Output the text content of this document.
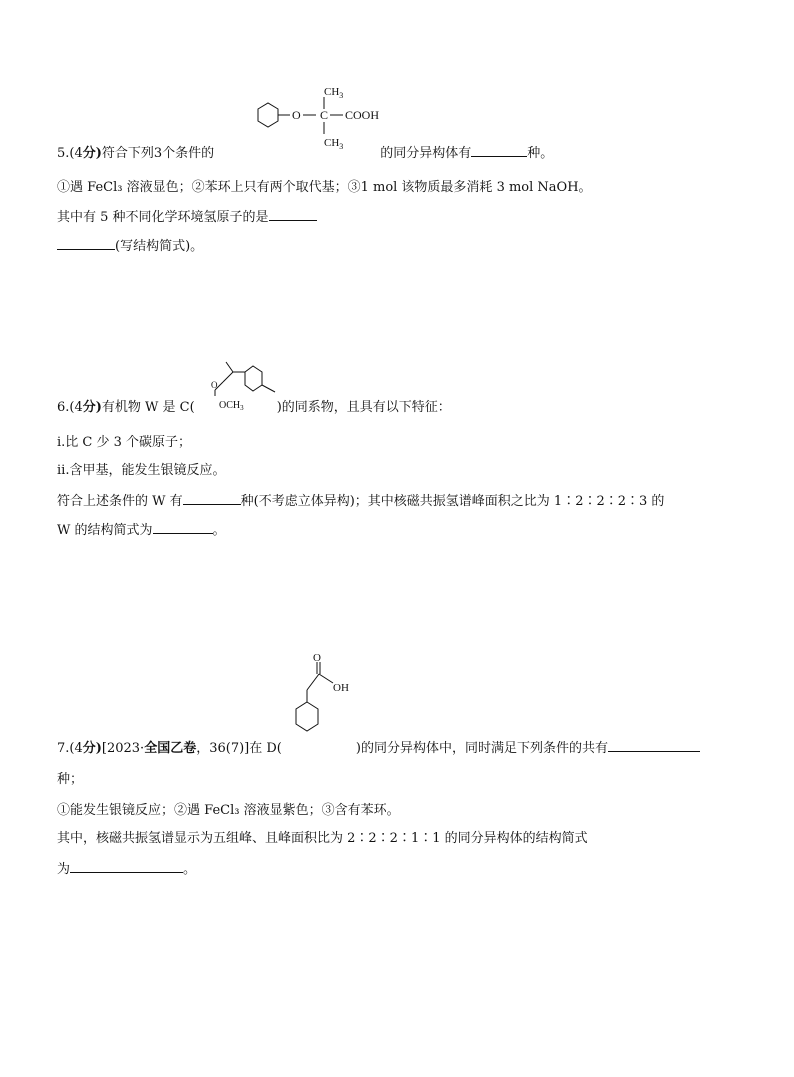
O C
$CH_3$
$CH_3$
COOH
5.(4分)符合下列3个条件的	的同分异构体有	种。
①遇 FeCl₃ 溶液显色；②苯环上只有两个取代基；③1 mol 该物质最多消耗 3 mol NaOH。
其中有 5 种不同化学环境氢原子的是
(写结构简式)。
O
$OCH_3$
6.(4分)有机物 W 是 C(	)的同系物，且具有以下特征：
ⅰ.比 C 少 3 个碳原子；
ⅱ.含甲基，能发生银镜反应。
符合上述条件的 W 有	种(不考虑立体异构)；其中核磁共振氢谱峰面积之比为 1∶2∶2∶2∶3 的
W 的结构简式为	。
O
OH
7.(4分)[2023·全国乙卷，36(7)]在 D(	)的同分异构体中，同时满足下列条件的共有
种；
①能发生银镜反应；②遇 FeCl₃ 溶液显紫色；③含有苯环。
其中，核磁共振氢谱显示为五组峰、且峰面积比为 2∶2∶2∶1∶1 的同分异构体的结构简式
为	。
